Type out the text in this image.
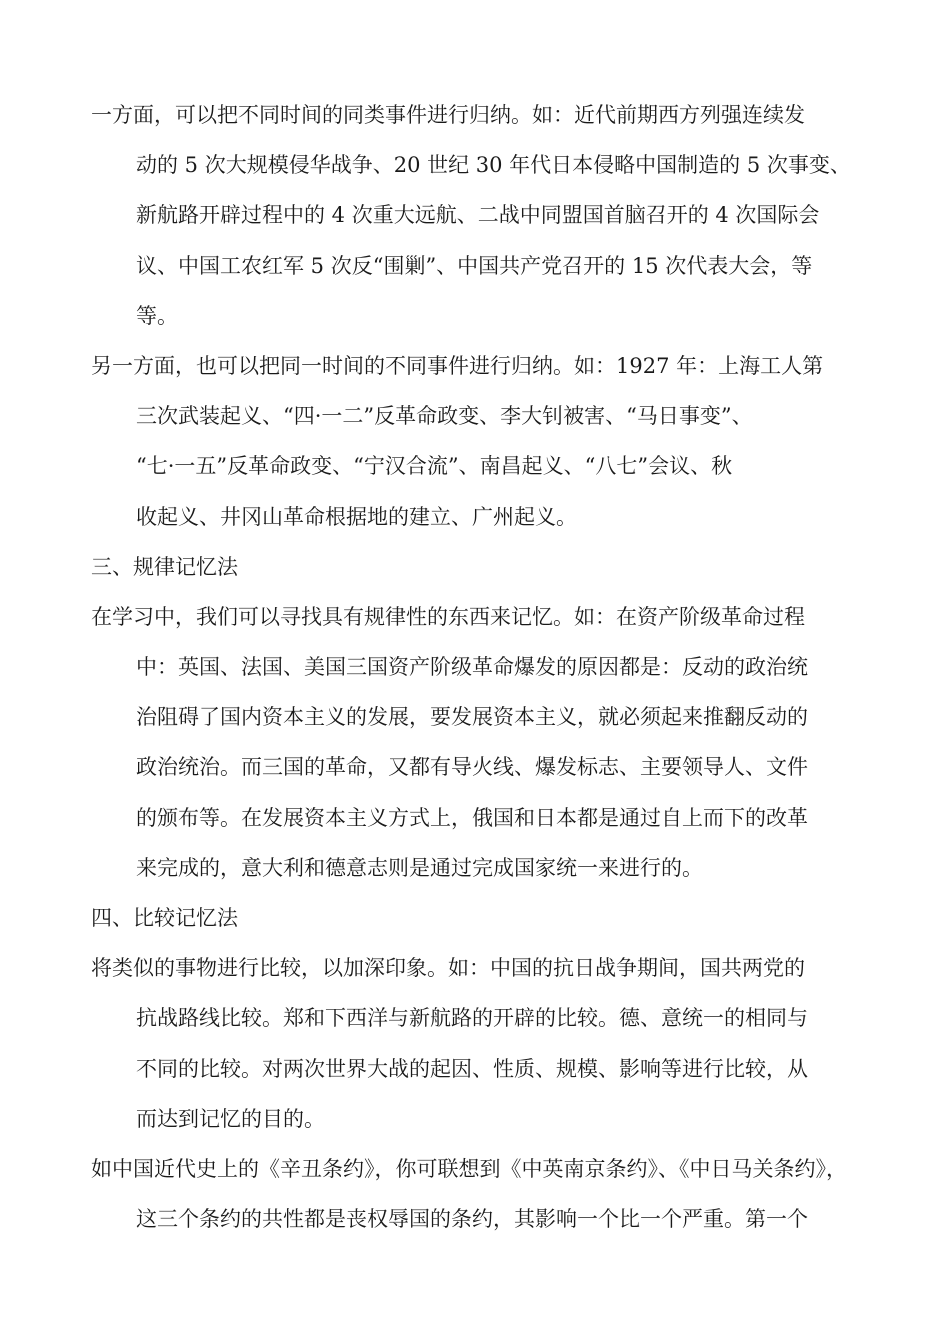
一方面，可以把不同时间的同类事件进行归纳。如：近代前期西方列强连续发
动的 5 次大规模侵华战争、20 世纪 30 年代日本侵略中国制造的 5 次事变、
新航路开辟过程中的 4 次重大远航、二战中同盟国首脑召开的 4 次国际会
议、中国工农红军 5 次反“围剿”、中国共产党召开的 15 次代表大会，等
等。
另一方面，也可以把同一时间的不同事件进行归纳。如：1927 年：上海工人第
三次武装起义、“四·一二”反革命政变、李大钊被害、“马日事变”、
“七·一五”反革命政变、“宁汉合流”、南昌起义、“八七”会议、秋
收起义、井冈山革命根据地的建立、广州起义。
三、规律记忆法
在学习中，我们可以寻找具有规律性的东西来记忆。如：在资产阶级革命过程
中：英国、法国、美国三国资产阶级革命爆发的原因都是：反动的政治统
治阻碍了国内资本主义的发展，要发展资本主义，就必须起来推翻反动的
政治统治。而三国的革命，又都有导火线、爆发标志、主要领导人、文件
的颁布等。在发展资本主义方式上，俄国和日本都是通过自上而下的改革
来完成的，意大利和德意志则是通过完成国家统一来进行的。
四、比较记忆法
将类似的事物进行比较，以加深印象。如：中国的抗日战争期间，国共两党的
抗战路线比较。郑和下西洋与新航路的开辟的比较。德、意统一的相同与
不同的比较。对两次世界大战的起因、性质、规模、影响等进行比较，从
而达到记忆的目的。
如中国近代史上的《辛丑条约》，你可联想到《中英南京条约》、《中日马关条约》，
这三个条约的共性都是丧权辱国的条约，其影响一个比一个严重。第一个
